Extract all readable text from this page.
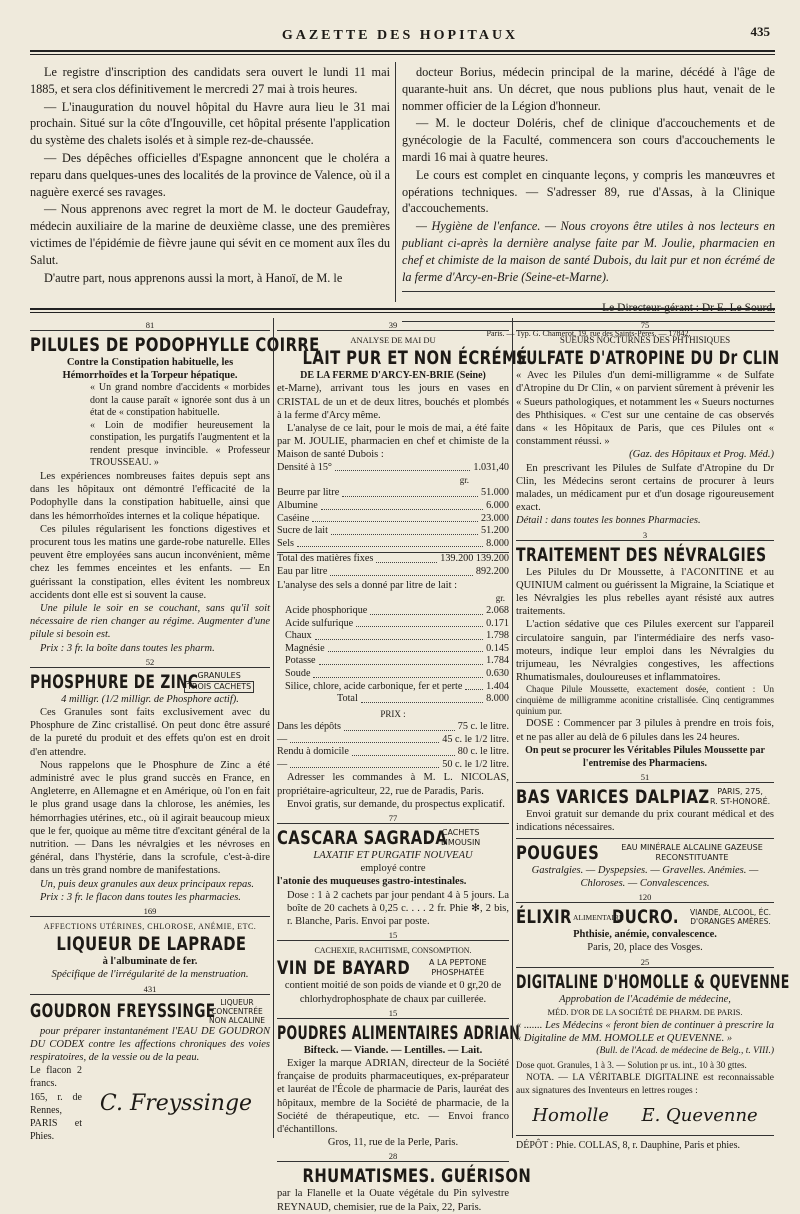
GAZETTE DES HOPITAUX	435

Le registre d'inscription des candidats sera ouvert le lundi 11 mai 1885, et sera clos définitivement le mercredi 27 mai à trois heures.

— L'inauguration du nouvel hôpital du Havre aura lieu le 31 mai prochain. Situé sur la côte d'Ingouville, cet hôpital présente l'application du système des chalets isolés et à simple rez-de-chaussée.

— Des dépêches officielles d'Espagne annoncent que le choléra a reparu dans quelques-unes des localités de la province de Valence, où il a naguère exercé ses ravages.

— Nous apprenons avec regret la mort de M. le docteur Gaudefray, médecin auxiliaire de la marine de deuxième classe, une des premières victimes de l'épidémie de fièvre jaune qui sévit en ce moment aux îles du Salut.

D'autre part, nous apprenons aussi la mort, à Hanoï, de M. le

docteur Borius, médecin principal de la marine, décédé à l'âge de quarante-huit ans. Un décret, que nous publions plus haut, venait de le nommer officier de la Légion d'honneur.

— M. le docteur Doléris, chef de clinique d'accouchements et de gynécologie de la Faculté, commencera son cours d'accouchements le mardi 16 mai à quatre heures.

Le cours est complet en cinquante leçons, y compris les manœuvres et opérations techniques. — S'adresser 89, rue d'Assas, à la Clinique d'accouchements.

— Hygiène de l'enfance. — Nous croyons être utiles à nos lecteurs en publiant ci-après la dernière analyse faite par M. Joulie, pharmacien en chef et chimiste de la maison de santé Dubois, du lait pur et non écrémé de la ferme d'Arcy-en-Brie (Seine-et-Marne).

Le Directeur-gérant : Dr E. Le Sourd.
Paris. — Typ. G. Chamerot, 19, rue des Saints-Pères. — 17842.
81
PILULES DE PODOPHYLLE COIRRE
Contre la Constipation habituelle, les
Hémorrhoïdes et la Torpeur hépatique.
« Un grand nombre d'accidents « morbides dont la cause paraît « ignorée sont dus à un état de « constipation habituelle.
« Loin de modifier heureusement la constipation, les purgatifs l'augmentent et la rendent presque invincible. « Professeur TROUSSEAU. »
Les expériences nombreuses faites depuis sept ans dans les hôpitaux ont démontré l'efficacité de la Podophylle dans la constipation habituelle, ainsi que dans les hémorrhoïdes internes et la colique hépatique.
Ces pilules régularisent les fonctions digestives et procurent tous les matins une garde-robe naturelle. Elles peuvent être employées sans aucun inconvénient, même chez les femmes enceintes et les enfants. — En guérissant la constipation, elles évitent les nombreux accidents dont elle est si souvent la cause.
Une pilule le soir en se couchant, sans qu'il soit nécessaire de rien changer au régime. Augmenter d'une pilule si besoin est.
Prix : 3 fr. la boîte dans toutes les pharm.
52
PHOSPHURE DE ZINC GRANULES
TROIS CACHETS
4 milligr. (1/2 milligr. de Phosphore actif).
Ces Granules sont faits exclusivement avec du Phosphure de Zinc cristallisé. On peut donc être assuré de la pureté du produit et des effets qu'on est en droit d'en attendre.
Nous rappelons que le Phosphure de Zinc a été administré avec le plus grand succès en France, en Angleterre, en Allemagne et en Amérique, où l'on en fait le plus grand usage dans la chlorose, les anémies, les hémorrhagies utérines, etc., où il agirait beaucoup mieux que le fer, quoique au même titre d'excitant général de la nutrition. — Dans les névralgies et les névroses en général, dans l'hystérie, dans la scrofule, c'est-à-dire dans un très grand nombre de manifestations.
Un, puis deux granules aux deux principaux repas.
Prix : 3 fr. le flacon dans toutes les pharmacies.
169
AFFECTIONS UTÉRINES, CHLOROSE, ANÉMIE, ETC.
LIQUEUR DE LAPRADE
à l'albuminate de fer.
Spécifique de l'irrégularité de la menstruation.
431
GOUDRON FREYSSINGE LIQUEUR CONCENTRÉE
NON ALCALINE
pour préparer instantanément l'EAU DE GOUDRON DU CODEX contre les affections chroniques des voies respiratoires, de la vessie ou de la peau.
Le flacon 2 francs.
165, r. de Rennes, PARIS et Phies.
C. Freyssinge
39
ANALYSE DE MAI DU
LAIT PUR ET NON ÉCRÉMÉ
DE LA FERME D'ARCY-EN-BRIE (Seine)
et-Marne), arrivant tous les jours en vases en CRISTAL de un et de deux litres, bouchés et plombés à la ferme d'Arcy même.
L'analyse de ce lait, pour le mois de mai, a été faite par M. JOULIE, pharmacien en chef et chimiste de la Maison de santé Dubois :
Densité à 15°	1.031,40
gr.
Beurre par litre	51.000
Albumine	6.000
Caséine	23.000
Sucre de lait	51.200
Sels	8.000
Total des matières fixes	139.200
139.200
Eau par litre	892.200
L'analyse des sels a donné par litre de lait :
gr.
Acide phosphorique	2.068
Acide sulfurique	0.171
Chaux	1.798
Magnésie	0.145
Potasse	1.784
Soude	0.630
Silice, chlore, acide carbonique, fer et perte 1.404
Total	8.000
PRIX :
Dans les dépôts	75 c. le litre.
—	45 c. le 1/2 litre.
Rendu à domicile	80 c. le litre.
—	50 c. le 1/2 litre.
Adresser les commandes à M. L. NICOLAS, propriétaire-agriculteur, 22, rue de Paradis, Paris.
Envoi gratis, sur demande, du prospectus explicatif.
77
CASCARA SAGRADA
CACHETS
LIMOUSIN
LAXATIF ET PURGATIF NOUVEAU
employé contre
l'atonie des muqueuses gastro-intestinales.
Dose : 1 à 2 cachets par jour pendant 4 à 5 jours. La boîte de 20 cachets à 0,25 c. . . . 2 fr. Phie ✻, 2 bis, r. Blanche, Paris. Envoi par poste.
15
CACHEXIE, RACHITISME, CONSOMPTION.
VIN DE BAYARD A LA PEPTONE
PHOSPHATÉE
contient moitié de son poids de viande et 0 gr,20 de chlorhydrophosphate de chaux par cuillerée.
15
POUDRES ALIMENTAIRES ADRIAN
Bifteck. — Viande. — Lentilles. — Lait.
Exiger la marque ADRIAN, directeur de la Société française de produits pharmaceutiques, ex-préparateur et lauréat de l'École de pharmacie de Paris, lauréat des hôpitaux, membre de la Société de pharmacie, de la Société de thérapeutique, etc. — Envoi franco d'échantillons.
Gros, 11, rue de la Perle, Paris.
28
RHUMATISMES. GUÉRISON
par la Flanelle et la Ouate végétale du Pin sylvestre REYNAUD, chemisier, rue de la Paix, 22, Paris.
75
SUEURS NOCTURNES DES PHTHISIQUES
SULFATE D'ATROPINE DU Dr CLIN
« Avec les Pilules d'un demi-milligramme « de Sulfate d'Atropine du Dr Clin, « on parvient sûrement à prévenir les « Sueurs pathologiques, et notamment les « Sueurs nocturnes des Phthisiques. « C'est sur une centaine de cas observés dans « les Hôpitaux de Paris, que ces Pilules ont « constamment réussi. »
(Gaz. des Hôpitaux et Prog. Méd.)
En prescrivant les Pilules de Sulfate d'Atropine du Dr Clin, les Médecins seront certains de procurer à leurs malades, un médicament pur et d'un dosage rigoureusement exact.
Détail : dans toutes les bonnes Pharmacies.
3
TRAITEMENT DES NÉVRALGIES
Les Pilules du Dr Moussette, à l'ACONITINE et au QUINIUM calment ou guérissent la Migraine, la Sciatique et les Névralgies les plus rebelles ayant résisté aux autres traitements.
L'action sédative que ces Pilules exercent sur l'appareil circulatoire sanguin, par l'intermédiaire des nerfs vaso-moteurs, indique leur emploi dans les Névralgies du trijumeau, les Névralgies congestives, les affections Rhumatismales, douloureuses et inflammatoires.
Chaque Pilule Moussette, exactement dosée, contient : Un cinquième de milligramme aconitine cristallisée. Cinq centigrammes quinium pur.
DOSE : Commencer par 3 pilules à prendre en trois fois, et ne pas aller au delà de 6 pilules dans les 24 heures.
On peut se procurer les Véritables Pilules Moussette par l'entremise des Pharmaciens.
51
BAS VARICES DALPIAZ PARIS, 275,
R. ST-HONORÉ.
Envoi gratuit sur demande du prix courant médical et des indications nécessaires.
POUGUES	EAU MINÉRALE ALCALINE GAZEUSE
RECONSTITUANTE
Gastralgies. — Dyspepsies. — Gravelles. Anémies. — Chloroses. — Convalescences.
120
ÉLIXIR ALIMENTAIRE
DUCRO.	VIANDE, ALCOOL, ÉC.
D'ORANGES AMÈRES.
Phthisie, anémie, convalescence.
Paris, 20, place des Vosges.
25
DIGITALINE D'HOMOLLE & QUEVENNE
Approbation de l'Académie de médecine,
MÉD. D'OR DE LA SOCIÉTÉ DE PHARM. DE PARIS.
« ....... Les Médecins « feront bien de continuer à prescrire la « Digitaline de MM. HOMOLLE et QUEVENNE. »
(Bull. de l'Acad. de médecine de Belg., t. VIII.)
Dose quot. Granules, 1 à 3. — Solution pr us. int., 10 à 30 gttes.
NOTA. — LA VÉRITABLE DIGITALINE est reconnaissable aux signatures des Inventeurs en lettres rouges :
Homolle E. Quevenne
DÉPÔT : Phie. COLLAS, 8, r. Dauphine, Paris et phies.
